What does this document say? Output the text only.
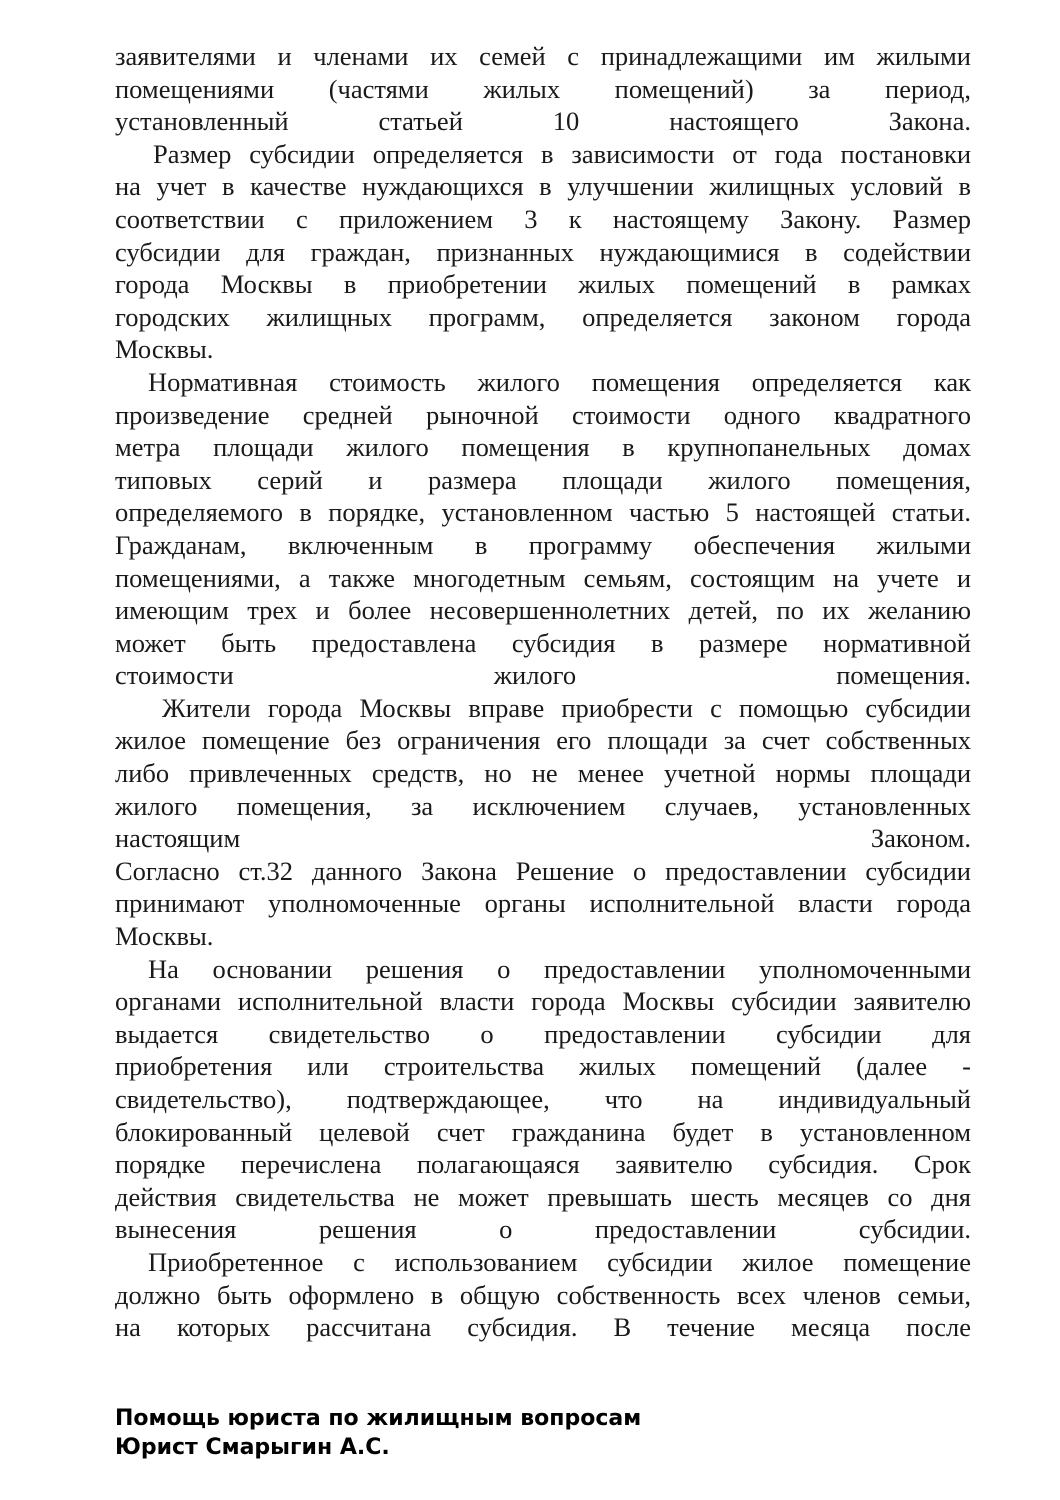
заявителями и членами их семей с принадлежащими им жилыми
помещениями (частями жилых помещений) за период,
установленный статьей 10 настоящего Закона.
Размер субсидии определяется в зависимости от года постановки
на учет в качестве нуждающихся в улучшении жилищных условий в
соответствии с приложением 3 к настоящему Закону. Размер
субсидии для граждан, признанных нуждающимися в содействии
города Москвы в приобретении жилых помещений в рамках
городских жилищных программ, определяется законом города
Москвы.
Нормативная стоимость жилого помещения определяется как
произведение средней рыночной стоимости одного квадратного
метра площади жилого помещения в крупнопанельных домах
типовых серий и размера площади жилого помещения,
определяемого в порядке, установленном частью 5 настоящей статьи.
Гражданам, включенным в программу обеспечения жилыми
помещениями, а также многодетным семьям, состоящим на учете и
имеющим трех и более несовершеннолетних детей, по их желанию
может быть предоставлена субсидия в размере нормативной
стоимости жилого помещения.
Жители города Москвы вправе приобрести с помощью субсидии
жилое помещение без ограничения его площади за счет собственных
либо привлеченных средств, но не менее учетной нормы площади
жилого помещения, за исключением случаев, установленных
настоящим Законом.
Согласно ст.32 данного Закона Решение о предоставлении субсидии
принимают уполномоченные органы исполнительной власти города
Москвы.
На основании решения о предоставлении уполномоченными
органами исполнительной власти города Москвы субсидии заявителю
выдается свидетельство о предоставлении субсидии для
приобретения или строительства жилых помещений (далее -
свидетельство), подтверждающее, что на индивидуальный
блокированный целевой счет гражданина будет в установленном
порядке перечислена полагающаяся заявителю субсидия. Срок
действия свидетельства не может превышать шесть месяцев со дня
вынесения решения о предоставлении субсидии.
Приобретенное с использованием субсидии жилое помещение
должно быть оформлено в общую собственность всех членов семьи,
на которых рассчитана субсидия. В течение месяца после
Помощь юриста по жилищным вопросам
Юрист Смарыгин А.С.
